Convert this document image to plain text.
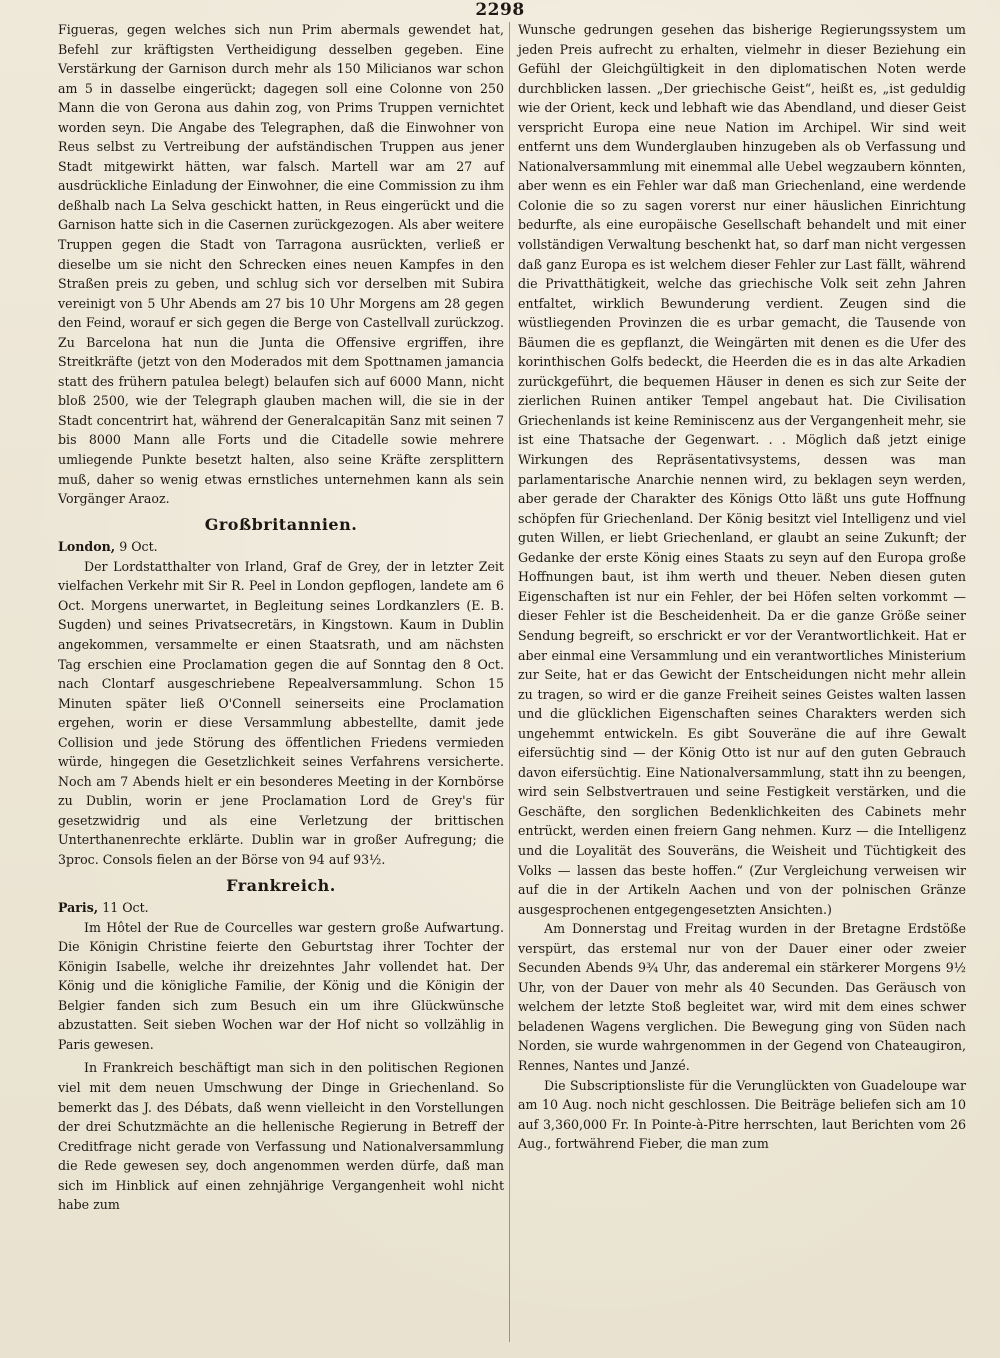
2298

Figueras, gegen welches sich nun Prim abermals gewendet hat, Befehl zur kräftigsten Vertheidigung desselben gegeben. Eine Verstärkung der Garnison durch mehr als 150 Milicianos war schon am 5 in dasselbe eingerückt; dagegen soll eine Colonne von 250 Mann die von Gerona aus dahin zog, von Prims Truppen vernichtet worden seyn. Die Angabe des Telegraphen, daß die Einwohner von Reus selbst zu Vertreibung der aufständischen Truppen aus jener Stadt mitgewirkt hätten, war falsch. Martell war am 27 auf ausdrückliche Einladung der Einwohner, die eine Commission zu ihm deßhalb nach La Selva geschickt hatten, in Reus eingerückt und die Garnison hatte sich in die Casernen zurückgezogen. Als aber weitere Truppen gegen die Stadt von Tarragona ausrückten, verließ er dieselbe um sie nicht den Schrecken eines neuen Kampfes in den Straßen preis zu geben, und schlug sich vor derselben mit Subira vereinigt von 5 Uhr Abends am 27 bis 10 Uhr Morgens am 28 gegen den Feind, worauf er sich gegen die Berge von Castellvall zurückzog. Zu Barcelona hat nun die Junta die Offensive ergriffen, ihre Streitkräfte (jetzt von den Moderados mit dem Spottnamen jamancia statt des frühern patulea belegt) belaufen sich auf 6000 Mann, nicht bloß 2500, wie der Telegraph glauben machen will, die sie in der Stadt concentrirt hat, während der Generalcapitän Sanz mit seinen 7 bis 8000 Mann alle Forts und die Citadelle sowie mehrere umliegende Punkte besetzt halten, also seine Kräfte zersplittern muß, daher so wenig etwas ernstliches unternehmen kann als sein Vorgänger Araoz.

Großbritannien.

London, 9 Oct.

Der Lordstatthalter von Irland, Graf de Grey, der in letzter Zeit vielfachen Verkehr mit Sir R. Peel in London gepflogen, landete am 6 Oct. Morgens unerwartet, in Begleitung seines Lordkanzlers (E. B. Sugden) und seines Privatsecretärs, in Kingstown. Kaum in Dublin angekommen, versammelte er einen Staatsrath, und am nächsten Tag erschien eine Proclamation gegen die auf Sonntag den 8 Oct. nach Clontarf ausgeschriebene Repealversammlung. Schon 15 Minuten später ließ O'Connell seinerseits eine Proclamation ergehen, worin er diese Versammlung abbestellte, damit jede Collision und jede Störung des öffentlichen Friedens vermieden würde, hingegen die Gesetzlichkeit seines Verfahrens versicherte. Noch am 7 Abends hielt er ein besonderes Meeting in der Kornbörse zu Dublin, worin er jene Proclamation Lord de Grey's für gesetzwidrig und als eine Verletzung der brittischen Unterthanenrechte erklärte. Dublin war in großer Aufregung; die 3proc. Consols fielen an der Börse von 94 auf 93½.

Frankreich.

Paris, 11 Oct.

Im Hôtel der Rue de Courcelles war gestern große Aufwartung. Die Königin Christine feierte den Geburtstag ihrer Tochter der Königin Isabelle, welche ihr dreizehntes Jahr vollendet hat. Der König und die königliche Familie, der König und die Königin der Belgier fanden sich zum Besuch ein um ihre Glückwünsche abzustatten. Seit sieben Wochen war der Hof nicht so vollzählig in Paris gewesen.

In Frankreich beschäftigt man sich in den politischen Regionen viel mit dem neuen Umschwung der Dinge in Griechenland. So bemerkt das J. des Débats, daß wenn vielleicht in den Vorstellungen der drei Schutzmächte an die hellenische Regierung in Betreff der Creditfrage nicht gerade von Verfassung und Nationalversammlung die Rede gewesen sey, doch angenommen werden dürfe, daß man sich im Hinblick auf einen zehnjährige Vergangenheit wohl nicht habe zum

Wunsche gedrungen gesehen das bisherige Regierungssystem um jeden Preis aufrecht zu erhalten, vielmehr in dieser Beziehung ein Gefühl der Gleichgültigkeit in den diplomatischen Noten werde durchblicken lassen. „Der griechische Geist“, heißt es, „ist geduldig wie der Orient, keck und lebhaft wie das Abendland, und dieser Geist verspricht Europa eine neue Nation im Archipel. Wir sind weit entfernt uns dem Wunderglauben hinzugeben als ob Verfassung und Nationalversammlung mit einemmal alle Uebel wegzaubern könnten, aber wenn es ein Fehler war daß man Griechenland, eine werdende Colonie die so zu sagen vorerst nur einer häuslichen Einrichtung bedurfte, als eine europäische Gesellschaft behandelt und mit einer vollständigen Verwaltung beschenkt hat, so darf man nicht vergessen daß ganz Europa es ist welchem dieser Fehler zur Last fällt, während die Privatthätigkeit, welche das griechische Volk seit zehn Jahren entfaltet, wirklich Bewunderung verdient. Zeugen sind die wüstliegenden Provinzen die es urbar gemacht, die Tausende von Bäumen die es gepflanzt, die Weingärten mit denen es die Ufer des korinthischen Golfs bedeckt, die Heerden die es in das alte Arkadien zurückgeführt, die bequemen Häuser in denen es sich zur Seite der zierlichen Ruinen antiker Tempel angebaut hat. Die Civilisation Griechenlands ist keine Reminiscenz aus der Vergangenheit mehr, sie ist eine Thatsache der Gegenwart. . . Möglich daß jetzt einige Wirkungen des Repräsentativsystems, dessen was man parlamentarische Anarchie nennen wird, zu beklagen seyn werden, aber gerade der Charakter des Königs Otto läßt uns gute Hoffnung schöpfen für Griechenland. Der König besitzt viel Intelligenz und viel guten Willen, er liebt Griechenland, er glaubt an seine Zukunft; der Gedanke der erste König eines Staats zu seyn auf den Europa große Hoffnungen baut, ist ihm werth und theuer. Neben diesen guten Eigenschaften ist nur ein Fehler, der bei Höfen selten vorkommt — dieser Fehler ist die Bescheidenheit. Da er die ganze Größe seiner Sendung begreift, so erschrickt er vor der Verantwortlichkeit. Hat er aber einmal eine Versammlung und ein verantwortliches Ministerium zur Seite, hat er das Gewicht der Entscheidungen nicht mehr allein zu tragen, so wird er die ganze Freiheit seines Geistes walten lassen und die glücklichen Eigenschaften seines Charakters werden sich ungehemmt entwickeln. Es gibt Souveräne die auf ihre Gewalt eifersüchtig sind — der König Otto ist nur auf den guten Gebrauch davon eifersüchtig. Eine Nationalversammlung, statt ihn zu beengen, wird sein Selbstvertrauen und seine Festigkeit verstärken, und die Geschäfte, den sorglichen Bedenklichkeiten des Cabinets mehr entrückt, werden einen freiern Gang nehmen. Kurz — die Intelligenz und die Loyalität des Souveräns, die Weisheit und Tüchtigkeit des Volks — lassen das beste hoffen.“ (Zur Vergleichung verweisen wir auf die in der Artikeln Aachen und von der polnischen Gränze ausgesprochenen entgegengesetzten Ansichten.)

Am Donnerstag und Freitag wurden in der Bretagne Erdstöße verspürt, das erstemal nur von der Dauer einer oder zweier Secunden Abends 9¾ Uhr, das anderemal ein stärkerer Morgens 9½ Uhr, von der Dauer von mehr als 40 Secunden. Das Geräusch von welchem der letzte Stoß begleitet war, wird mit dem eines schwer beladenen Wagens verglichen. Die Bewegung ging von Süden nach Norden, sie wurde wahrgenommen in der Gegend von Chateaugiron, Rennes, Nantes und Janzé.

Die Subscriptionsliste für die Verunglückten von Guadeloupe war am 10 Aug. noch nicht geschlossen. Die Beiträge beliefen sich am 10 auf 3,360,000 Fr. In Pointe-à-Pitre herrschten, laut Berichten vom 26 Aug., fortwährend Fieber, die man zum
